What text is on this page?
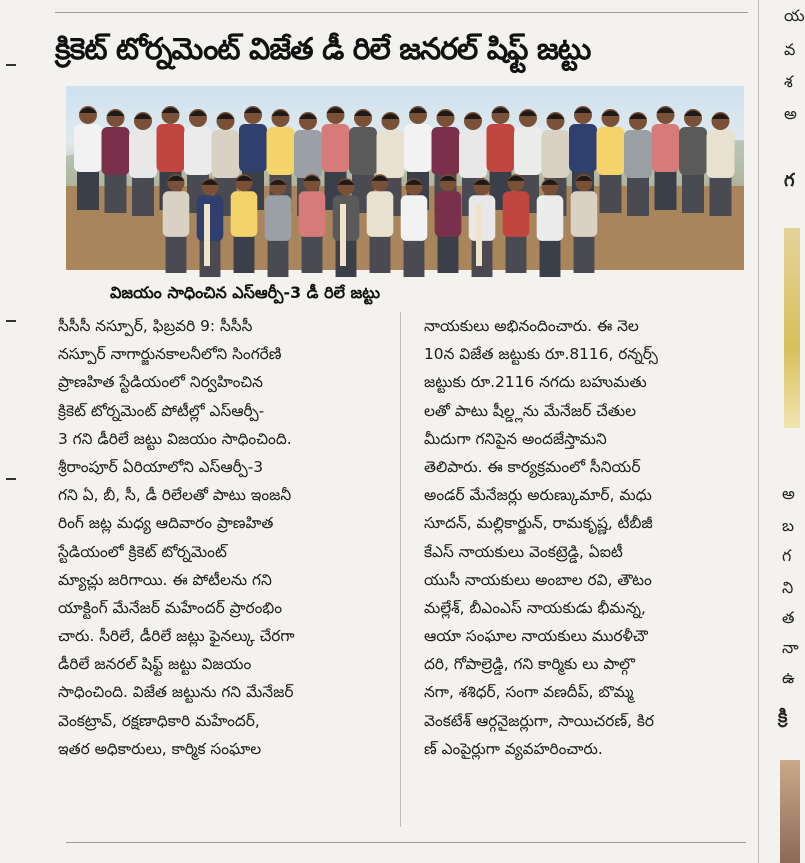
క్రికెట్ టోర్నమెంట్ విజేత డీ రిలే జనరల్ షిఫ్ట్ జట్టు
విజయం సాధించిన ఎస్ఆర్పీ-3 డీ రిలే జట్టు

సీసీసీ నస్పూర్, ఫిబ్రవరి 9: సీసీసీ

నస్పూర్ నాగార్జునకాలనీలోని సింగరేణి

ప్రాణహిత స్టేడియంలో నిర్వహించిన

క్రికెట్ టోర్నమెంట్ పోటీల్లో ఎస్ఆర్పీ-

3 గని డీరిలే జట్టు విజయం సాధించింది.

శ్రీరాంపూర్ ఏరియాలోని ఎస్ఆర్పీ-3

గని ఏ, బీ, సీ, డీ రిలేలతో పాటు ఇంజనీ

రింగ్ జట్ల మధ్య ఆదివారం ప్రాణహిత

స్టేడియంలో క్రికెట్ టోర్నమెంట్

మ్యాచ్లు జరిగాయి. ఈ పోటీలను గని

యాక్టింగ్ మేనేజర్ మహేందర్ ప్రారంభిం

చారు. సీరిలే, డీరిలే జట్లు ఫైనల్కు చేరగా

డీరిలే జనరల్ షిఫ్ట్ జట్టు విజయం

సాధించింది. విజేత జట్టును గని మేనేజర్

వెంకట్రావ్, రక్షణాధికారి మహేందర్,

ఇతర అధికారులు, కార్మిక సంఘాల

నాయకులు అభినందించారు. ఈ నెల

10న విజేత జట్టుకు రూ.8116, రన్నర్స్

జట్టుకు రూ.2116 నగదు బహుమతు

లతో పాటు షీల్డ్లను మేనేజర్ చేతుల

మీదుగా గనిపైన అందజేస్తామని

తెలిపారు. ఈ కార్యక్రమంలో సీనియర్

అండర్ మేనేజర్లు అరుణ్కుమార్, మధు

సూదన్, మల్లికార్జున్, రామకృష్ణ, టీబీజీ

కేఎస్ నాయకులు వెంకట్రెడ్డి, ఏఐటీ

యుసీ నాయకులు అంబాల రవి, తౌటం

మల్లేశ్, బీఎంఎస్ నాయకుడు భీమన్న,

ఆయా సంఘాల నాయకులు మురళీచౌ

దరి, గోపాల్రెడ్డి, గని కార్మికు లు పాల్గొ

నగా, శశిధర్, సంగా వణదీప్, బొమ్మ

వెంకటేశ్ ఆర్గనైజర్లుగా, సాయిచరణ్, కిర

ణ్ ఎంపైర్లుగా వ్యవహరించారు.

య
వ
శ
అ
గ
అ
బ
గ
ని
త
నా
ఉ
క్రి
